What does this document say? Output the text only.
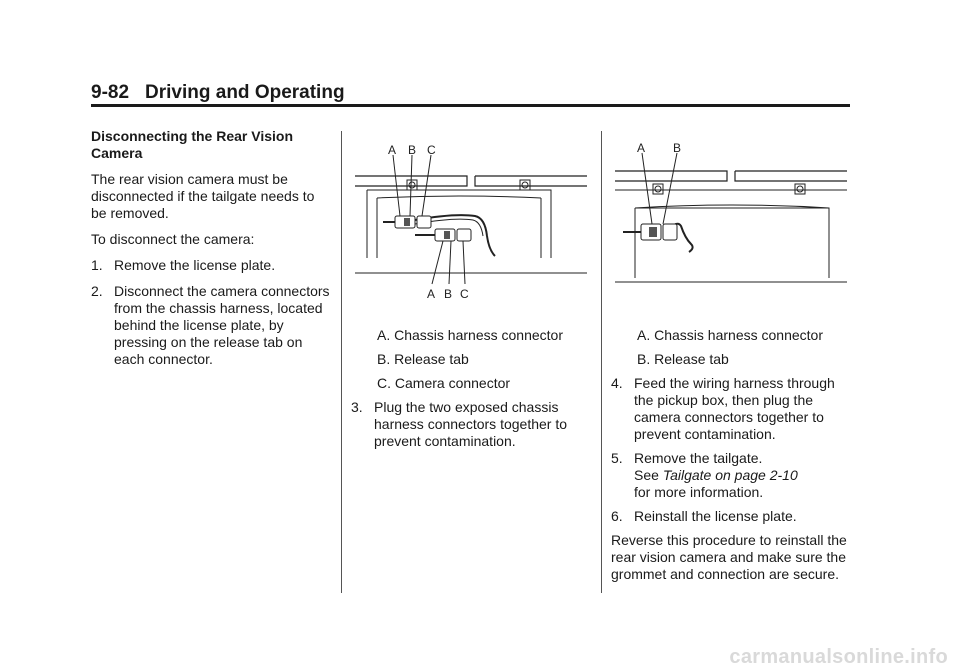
9-82 Driving and Operating

Disconnecting the Rear Vision Camera

The rear vision camera must be disconnected if the tailgate needs to be removed.

To disconnect the camera:

1. Remove the license plate.
2. Disconnect the camera connectors from the chassis harness, located behind the license plate, by pressing on the release tab on each connector.
A B C
A B C

A. Chassis harness connector

B. Release tab

C. Camera connector

3. Plug the two exposed chassis harness connectors together to prevent contamination.
A B

A. Chassis harness connector

B. Release tab

4. Feed the wiring harness through the pickup box, then plug the camera connectors together to prevent contamination.
5. Remove the tailgate.
See Tailgate on page 2-10
for more information.
6. Reinstall the license plate.

Reverse this procedure to reinstall the rear vision camera and make sure the grommet and connection are secure.

carmanualsonline.info
